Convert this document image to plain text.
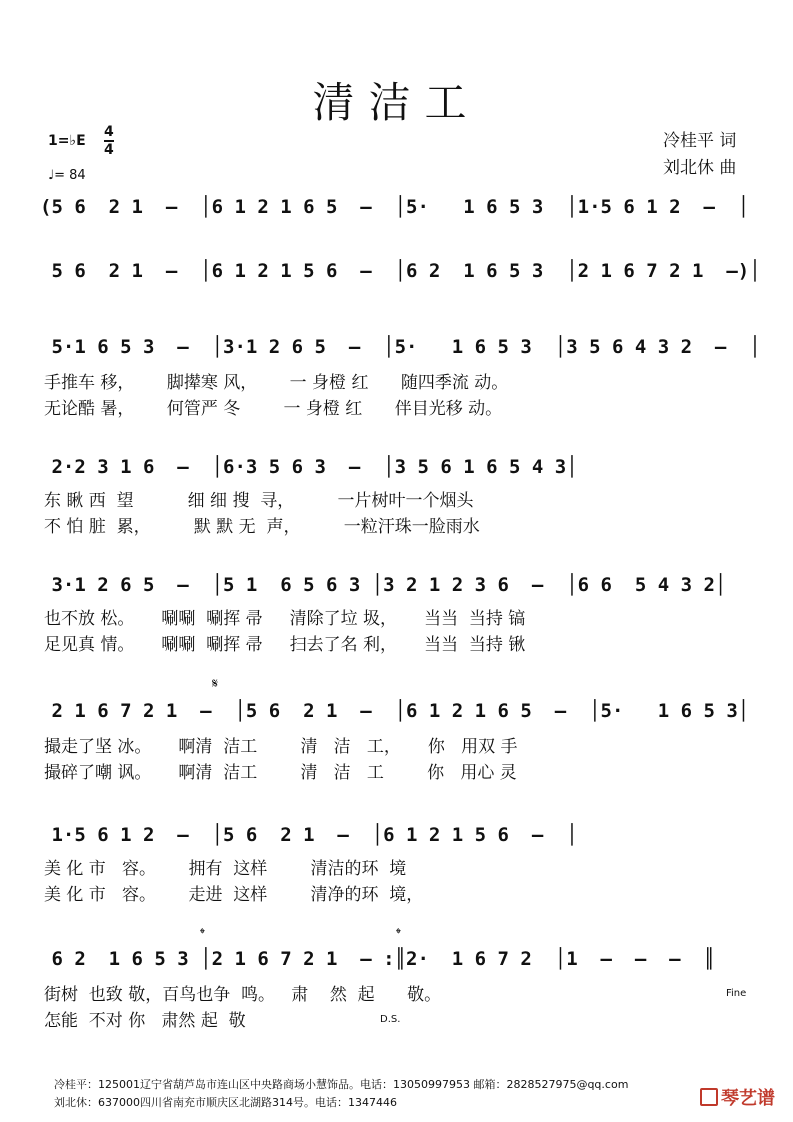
清洁工
1=♭E
4
4
♩= 84
冷桂平 词
刘北休 曲
(5 6  2 1  –  │6 1 2 1 6 5  –  │5·   1 6 5 3  │1·5 6 1 2  –  │
5 6  2 1  –  │6 1 2 1 5 6  –  │6 2  1 6 5 3  │2 1 6 7 2 1  –)│
5·1 6 5 3  –  │3·1 2 6 5  –  │5·   1 6 5 3  │3 5 6 4 3 2  –  │
手推车 移，      脚撵寒 风，      一 身橙 红      随四季流 动。
无论酷 暑，      何管严 冬        一 身橙 红      伴目光移 动。
2·2 3 1 6  –  │6·3 5 6 3  –  │3 5 6 1 6 5 4 3│
东 瞅 西  望          细 细 搜  寻，        一片树叶一个烟头
不 怕 脏  累，        默 默 无  声，        一粒汗珠一脸雨水
3·1 2 6 5  –  │5 1  6 5 6 3 │3 2 1 2 3 6  –  │6 6  5 4 3 2│
也不放 松。     唰唰  唰挥 帚     清除了垃 圾，     当当  当持 镐
足见真 情。     唰唰  唰挥 帚     扫去了名 利，     当当  当持 锹
𝄋
2 1 6 7 2 1  –  │5 6  2 1  –  │6 1 2 1 6 5  –  │5·   1 6 5 3│
撮走了坚 冰。     啊清  洁工        清   洁   工，     你   用双 手
撮碎了嘲 讽。     啊清  洁工        清   洁   工        你   用心 灵
1·5 6 1 2  –  │5 6  2 1  –  │6 1 2 1 5 6  –  │
美 化 市   容。      拥有  这样        清洁的环  境
美 化 市   容。      走进  这样        清净的环  境，
𝄌	𝄌
6 2  1 6 5 3 │2 1 6 7 2 1  – :║2·  1 6 7 2  │1  –  –  –  ║
街树  也致 敬，百鸟也争  鸣。   肃    然  起      敬。
怎能  不对 你   肃然 起  敬
Fine
D.S.
冷桂平：125001辽宁省葫芦岛市连山区中央路商场小慧饰品。电话：13050997953 邮箱：2828527975@qq.com
刘北休：637000四川省南充市顺庆区北湖路314号。电话：1347446	琴艺谱
